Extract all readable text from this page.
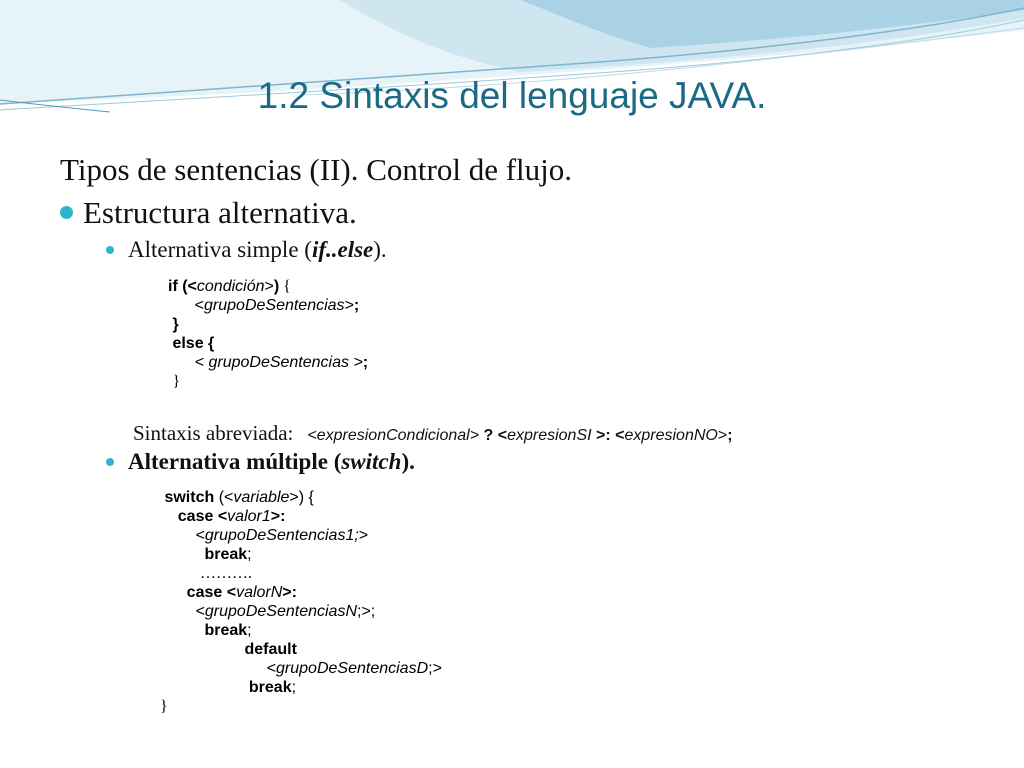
1.2 Sintaxis del lenguaje JAVA.
Tipos de sentencias (II). Control de flujo.
Estructura alternativa.
Alternativa simple (if..else).
if (<condición>) {
<grupoDeSentencias>;
}
else {
< grupoDeSentencias >;
}
Sintaxis abreviada: <expresionCondicional> ? <expresionSI >: <expresionNO>;
Alternativa múltiple (switch).
switch (<variable>) {
case <valor1>:
<grupoDeSentencias1;>
break;
……….
case <valorN>:
<grupoDeSentenciasN;>;
break;
default
<grupoDeSentenciasD;>
break;
}
